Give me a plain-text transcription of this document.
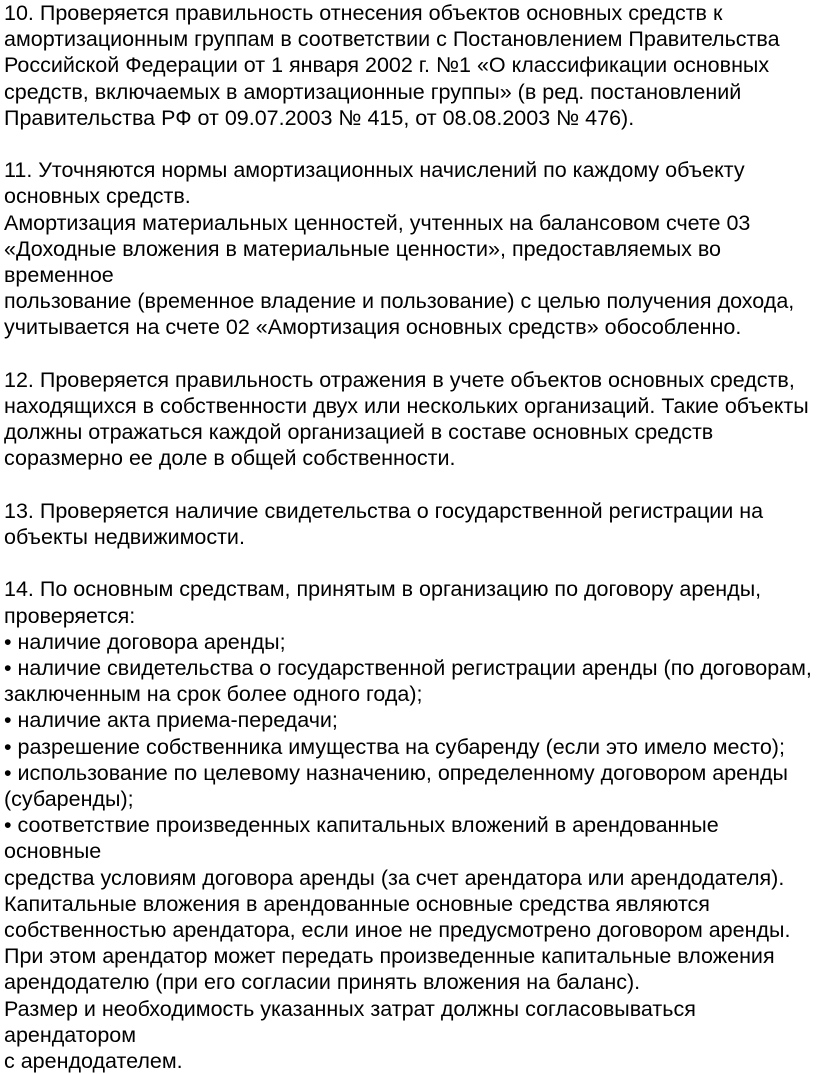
10. Проверяется правильность отнесения объектов основных средств к

амортизационным группам в соответствии с Постановлением Правительства

Российской Федерации от 1 января 2002 г. №1 «О классификации основных

средств, включаемых в амортизационные группы» (в ред. постановлений

Правительства РФ от 09.07.2003 № 415, от 08.08.2003 № 476).

11. Уточняются нормы амортизационных начислений по каждому объекту

основных средств.

Амортизация материальных ценностей, учтенных на балансовом счете 03

«Доходные вложения в материальные ценности», предоставляемых во временное

пользование (временное владение и пользование) с целью получения дохода,

учитывается на счете 02 «Амортизация основных средств» обособленно.

12. Проверяется правильность отражения в учете объектов основных средств,

находящихся в собственности двух или нескольких организаций. Такие объекты

должны отражаться каждой организацией в составе основных средств

соразмерно ее доле в общей собственности.

13. Проверяется наличие свидетельства о государственной регистрации на

объекты недвижимости.

14. По основным средствам, принятым в организацию по договору аренды,

проверяется:

• наличие договора аренды;

• наличие свидетельства о государственной регистрации аренды (по договорам,

заключенным на срок более одного года);

• наличие акта приема-передачи;

• разрешение собственника имущества на субаренду (если это имело место);

• использование по целевому назначению, определенному договором аренды

(субаренды);

• соответствие произведенных капитальных вложений в арендованные основные

средства условиям договора аренды (за счет арендатора или арендодателя).

Капитальные вложения в арендованные основные средства являются

собственностью арендатора, если иное не предусмотрено договором аренды.

При этом арендатор может передать произведенные капитальные вложения

арендодателю (при его согласии принять вложения на баланс).

Размер и необходимость указанных затрат должны согласовываться арендатором

с арендодателем.
